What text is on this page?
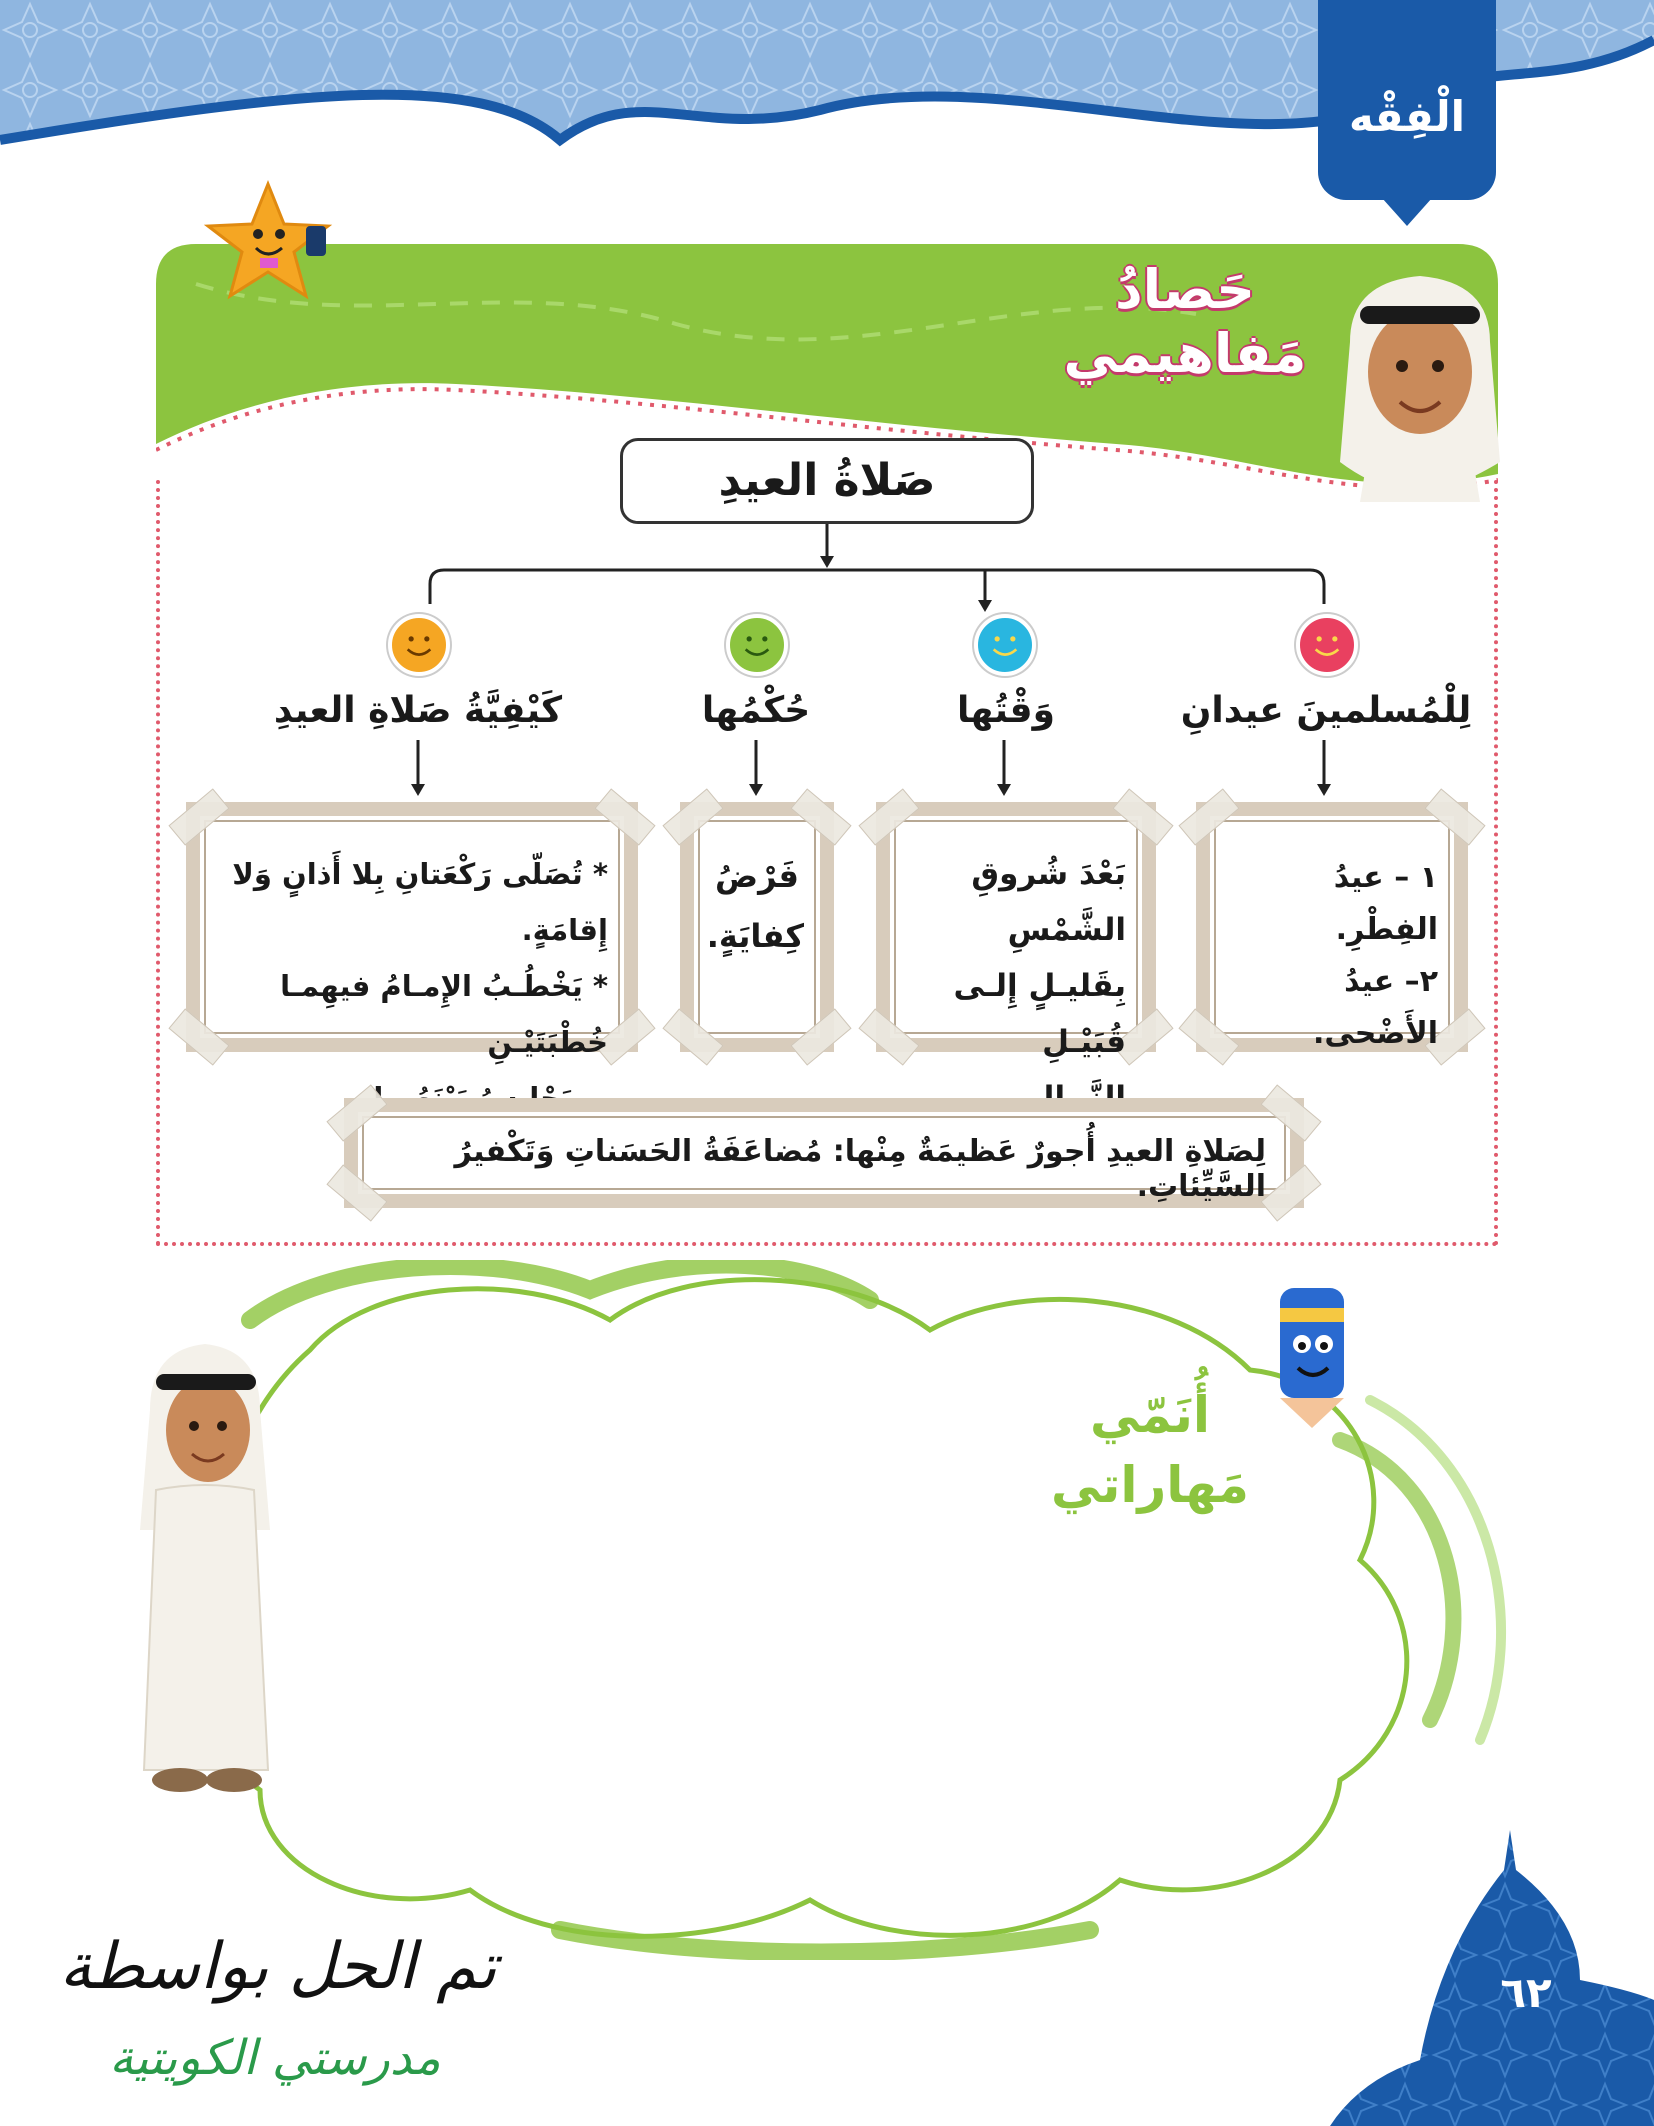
الْفِقْه
حَصادُ
مَفاهيمي
صَلاةُ العيدِ
لِلْمُسلمينَ عيدانِ
وَقْتُها
حُكْمُها
كَيْفِيَّةُ صَلاةِ العيدِ
١ – عيدُ الفِطْرِ.
٢– عيدُ الأَضْحى.
بَعْدَ شُروقِ الشَّمْسِ
بِقَليـلٍ إِلـى قُبَيْـلِ
فَرْضُ
كِفايَةٍ.
* تُصَلّى رَكْعَتانِ بِلا أَذانٍ وَلا إِقامَةٍ.
* يَخْطُـبُ الإِمـامُ فيهِمـا خُطْبَتَيْـنِ
لِصَلاةِ العيدِ أُجورٌ عَظيمَةٌ مِنْها: مُضاعَفَةُ الحَسَناتِ وَتَكْفيرُ السَّيِّئاتِ.
أُنَمّي
مَهاراتي
تم الحل بواسطة
مدرستي الكويتية
٦٢
